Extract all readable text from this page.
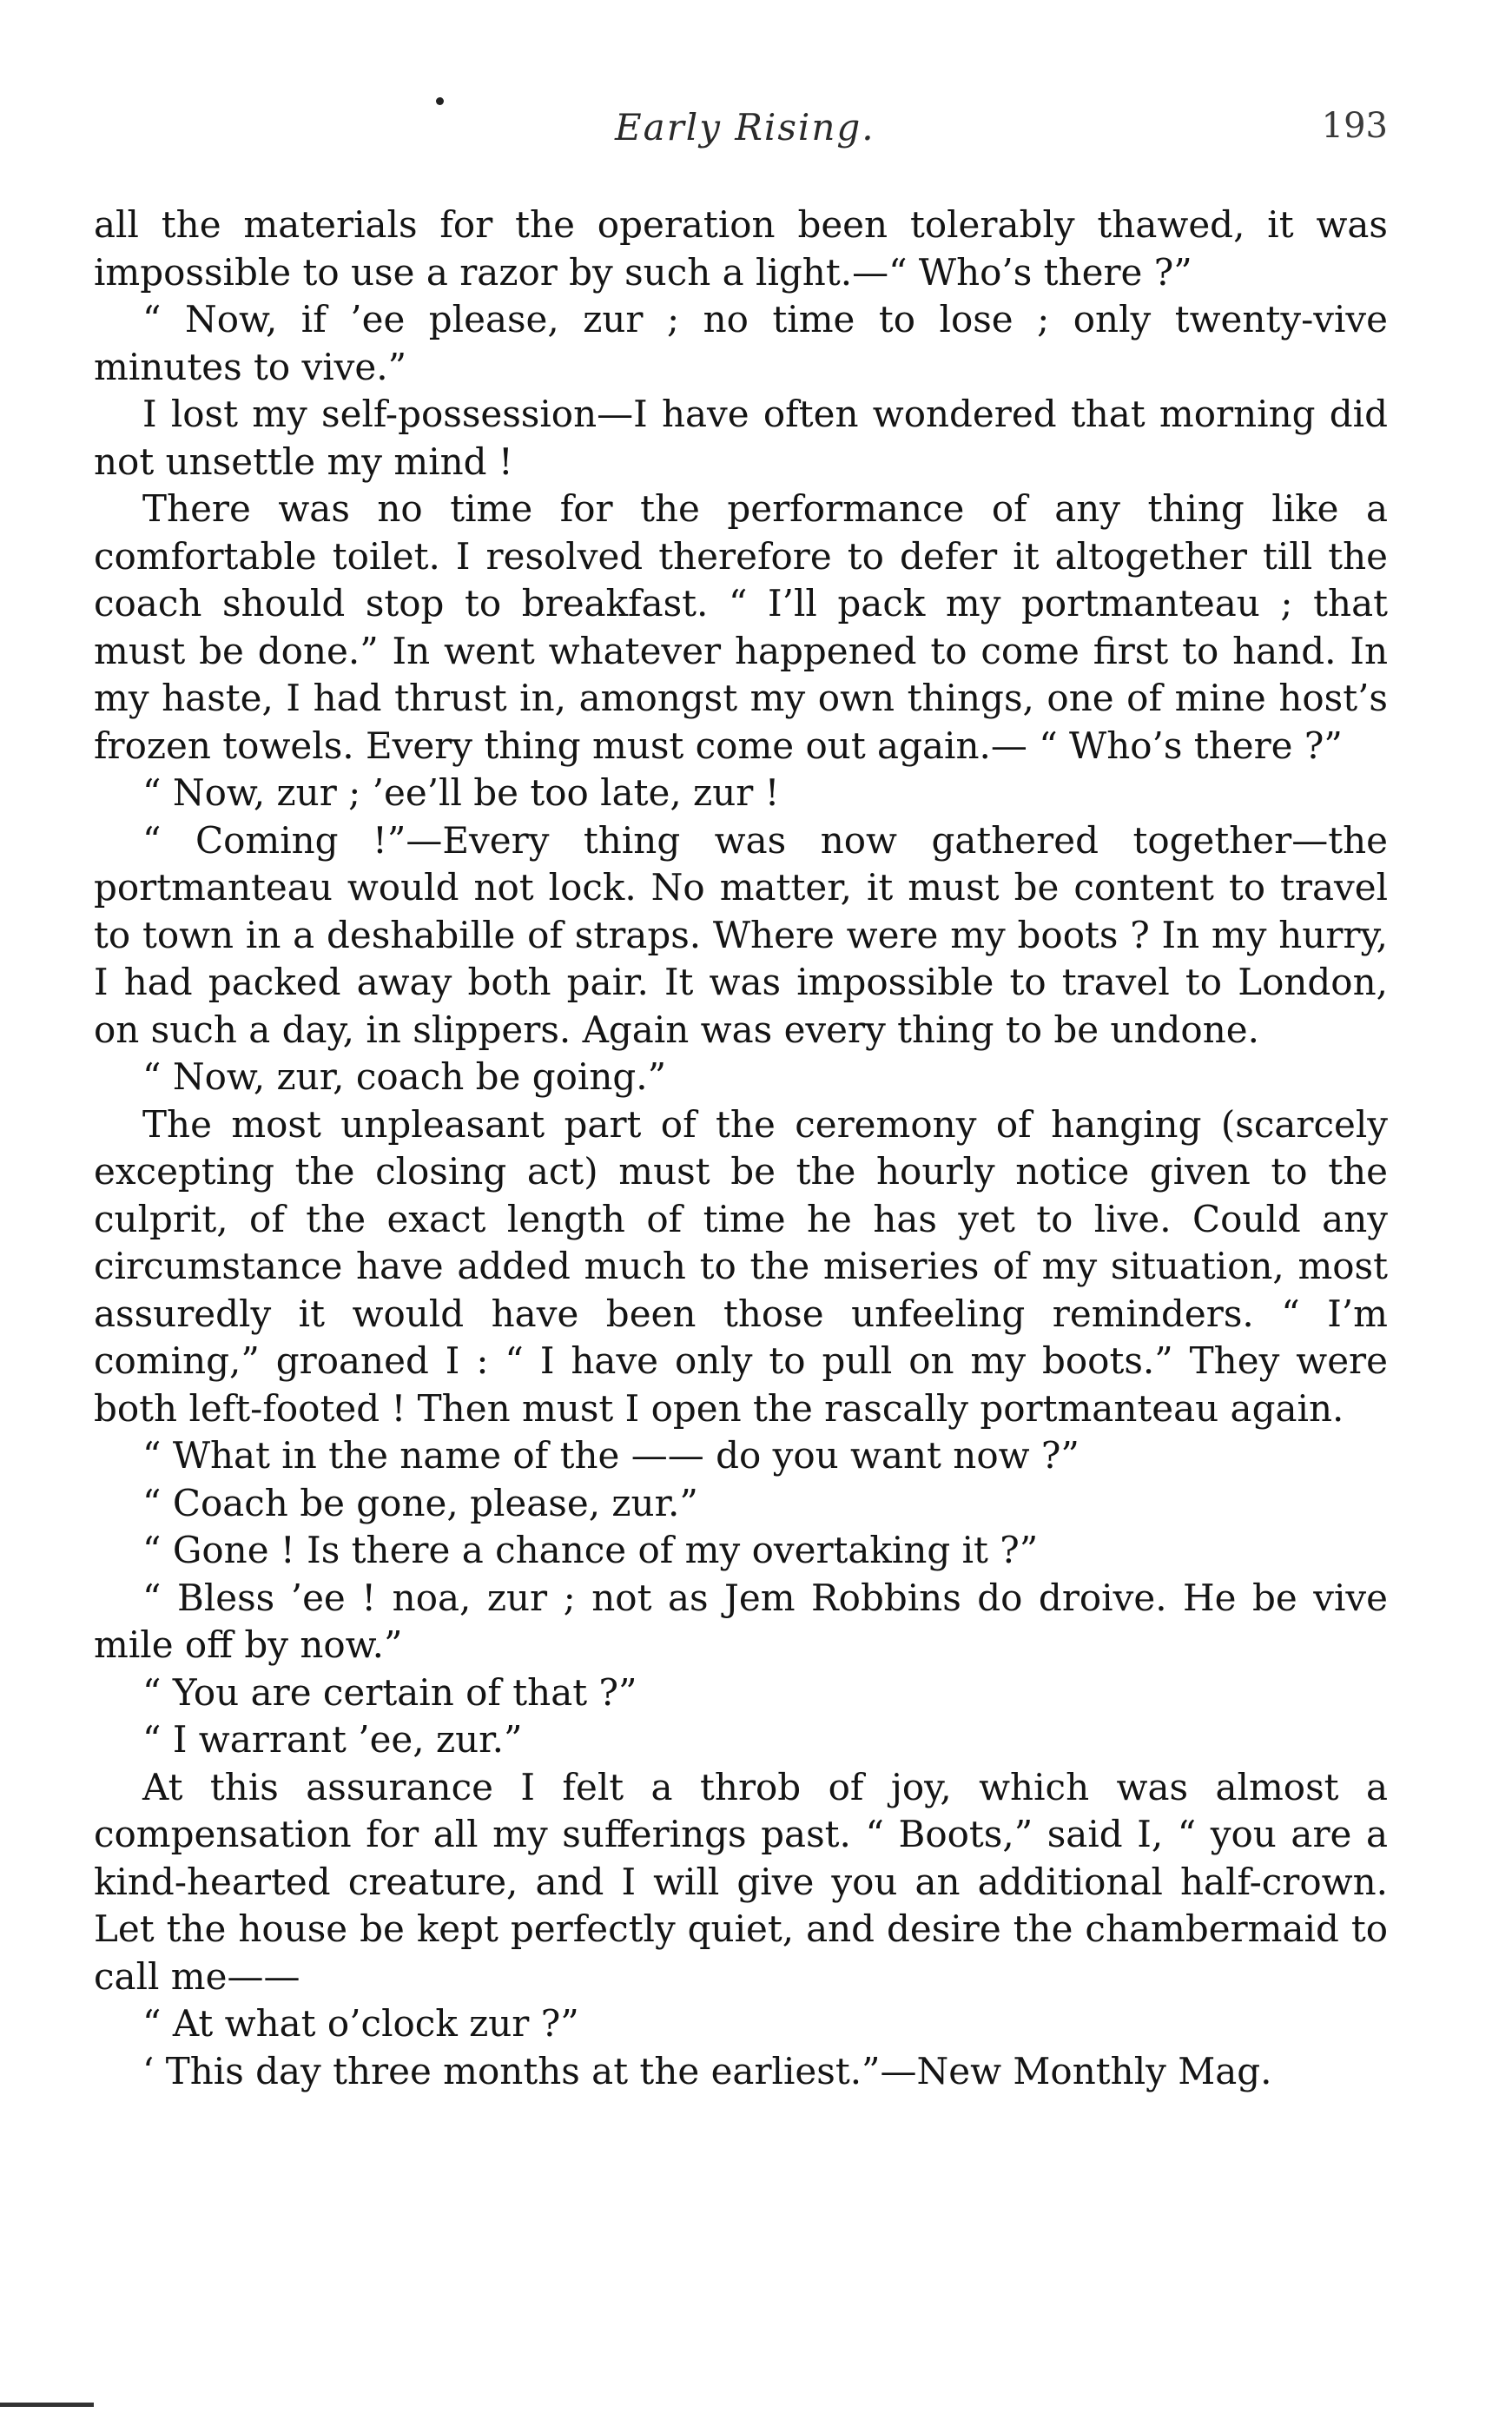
Early Rising.	193

all the materials for the operation been tolerably thawed, it was impossible to use a razor by such a light.—“ Who’s there ?”

“ Now, if ’ee please, zur ; no time to lose ; only twenty-vive minutes to vive.”

I lost my self-possession—I have often wondered that morning did not unsettle my mind !

There was no time for the performance of any thing like a comfortable toilet. I resolved therefore to defer it altogether till the coach should stop to breakfast. “ I’ll pack my portmanteau ; that must be done.” In went whatever happened to come first to hand. In my haste, I had thrust in, amongst my own things, one of mine host’s frozen towels. Every thing must come out again.— “ Who’s there ?”

“ Now, zur ; ’ee’ll be too late, zur !

“ Coming !”—Every thing was now gathered together—the portmanteau would not lock. No matter, it must be content to travel to town in a deshabille of straps. Where were my boots ? In my hurry, I had packed away both pair. It was impossible to travel to London, on such a day, in slippers. Again was every thing to be undone.

“ Now, zur, coach be going.”

The most unpleasant part of the ceremony of hanging (scarcely excepting the closing act) must be the hourly notice given to the culprit, of the exact length of time he has yet to live. Could any circumstance have added much to the miseries of my situation, most assuredly it would have been those unfeeling reminders. “ I’m coming,” groaned I : “ I have only to pull on my boots.” They were both left-footed ! Then must I open the rascally portmanteau again.

“ What in the name of the —— do you want now ?”

“ Coach be gone, please, zur.”

“ Gone ! Is there a chance of my overtaking it ?”

“ Bless ’ee ! noa, zur ; not as Jem Robbins do droive. He be vive mile off by now.”

“ You are certain of that ?”

“ I warrant ’ee, zur.”

At this assurance I felt a throb of joy, which was almost a compensation for all my sufferings past. “ Boots,” said I, “ you are a kind-hearted creature, and I will give you an additional half-crown. Let the house be kept perfectly quiet, and desire the chambermaid to call me——

“ At what o’clock zur ?”

‘ This day three months at the earliest.”—New Monthly Mag.
